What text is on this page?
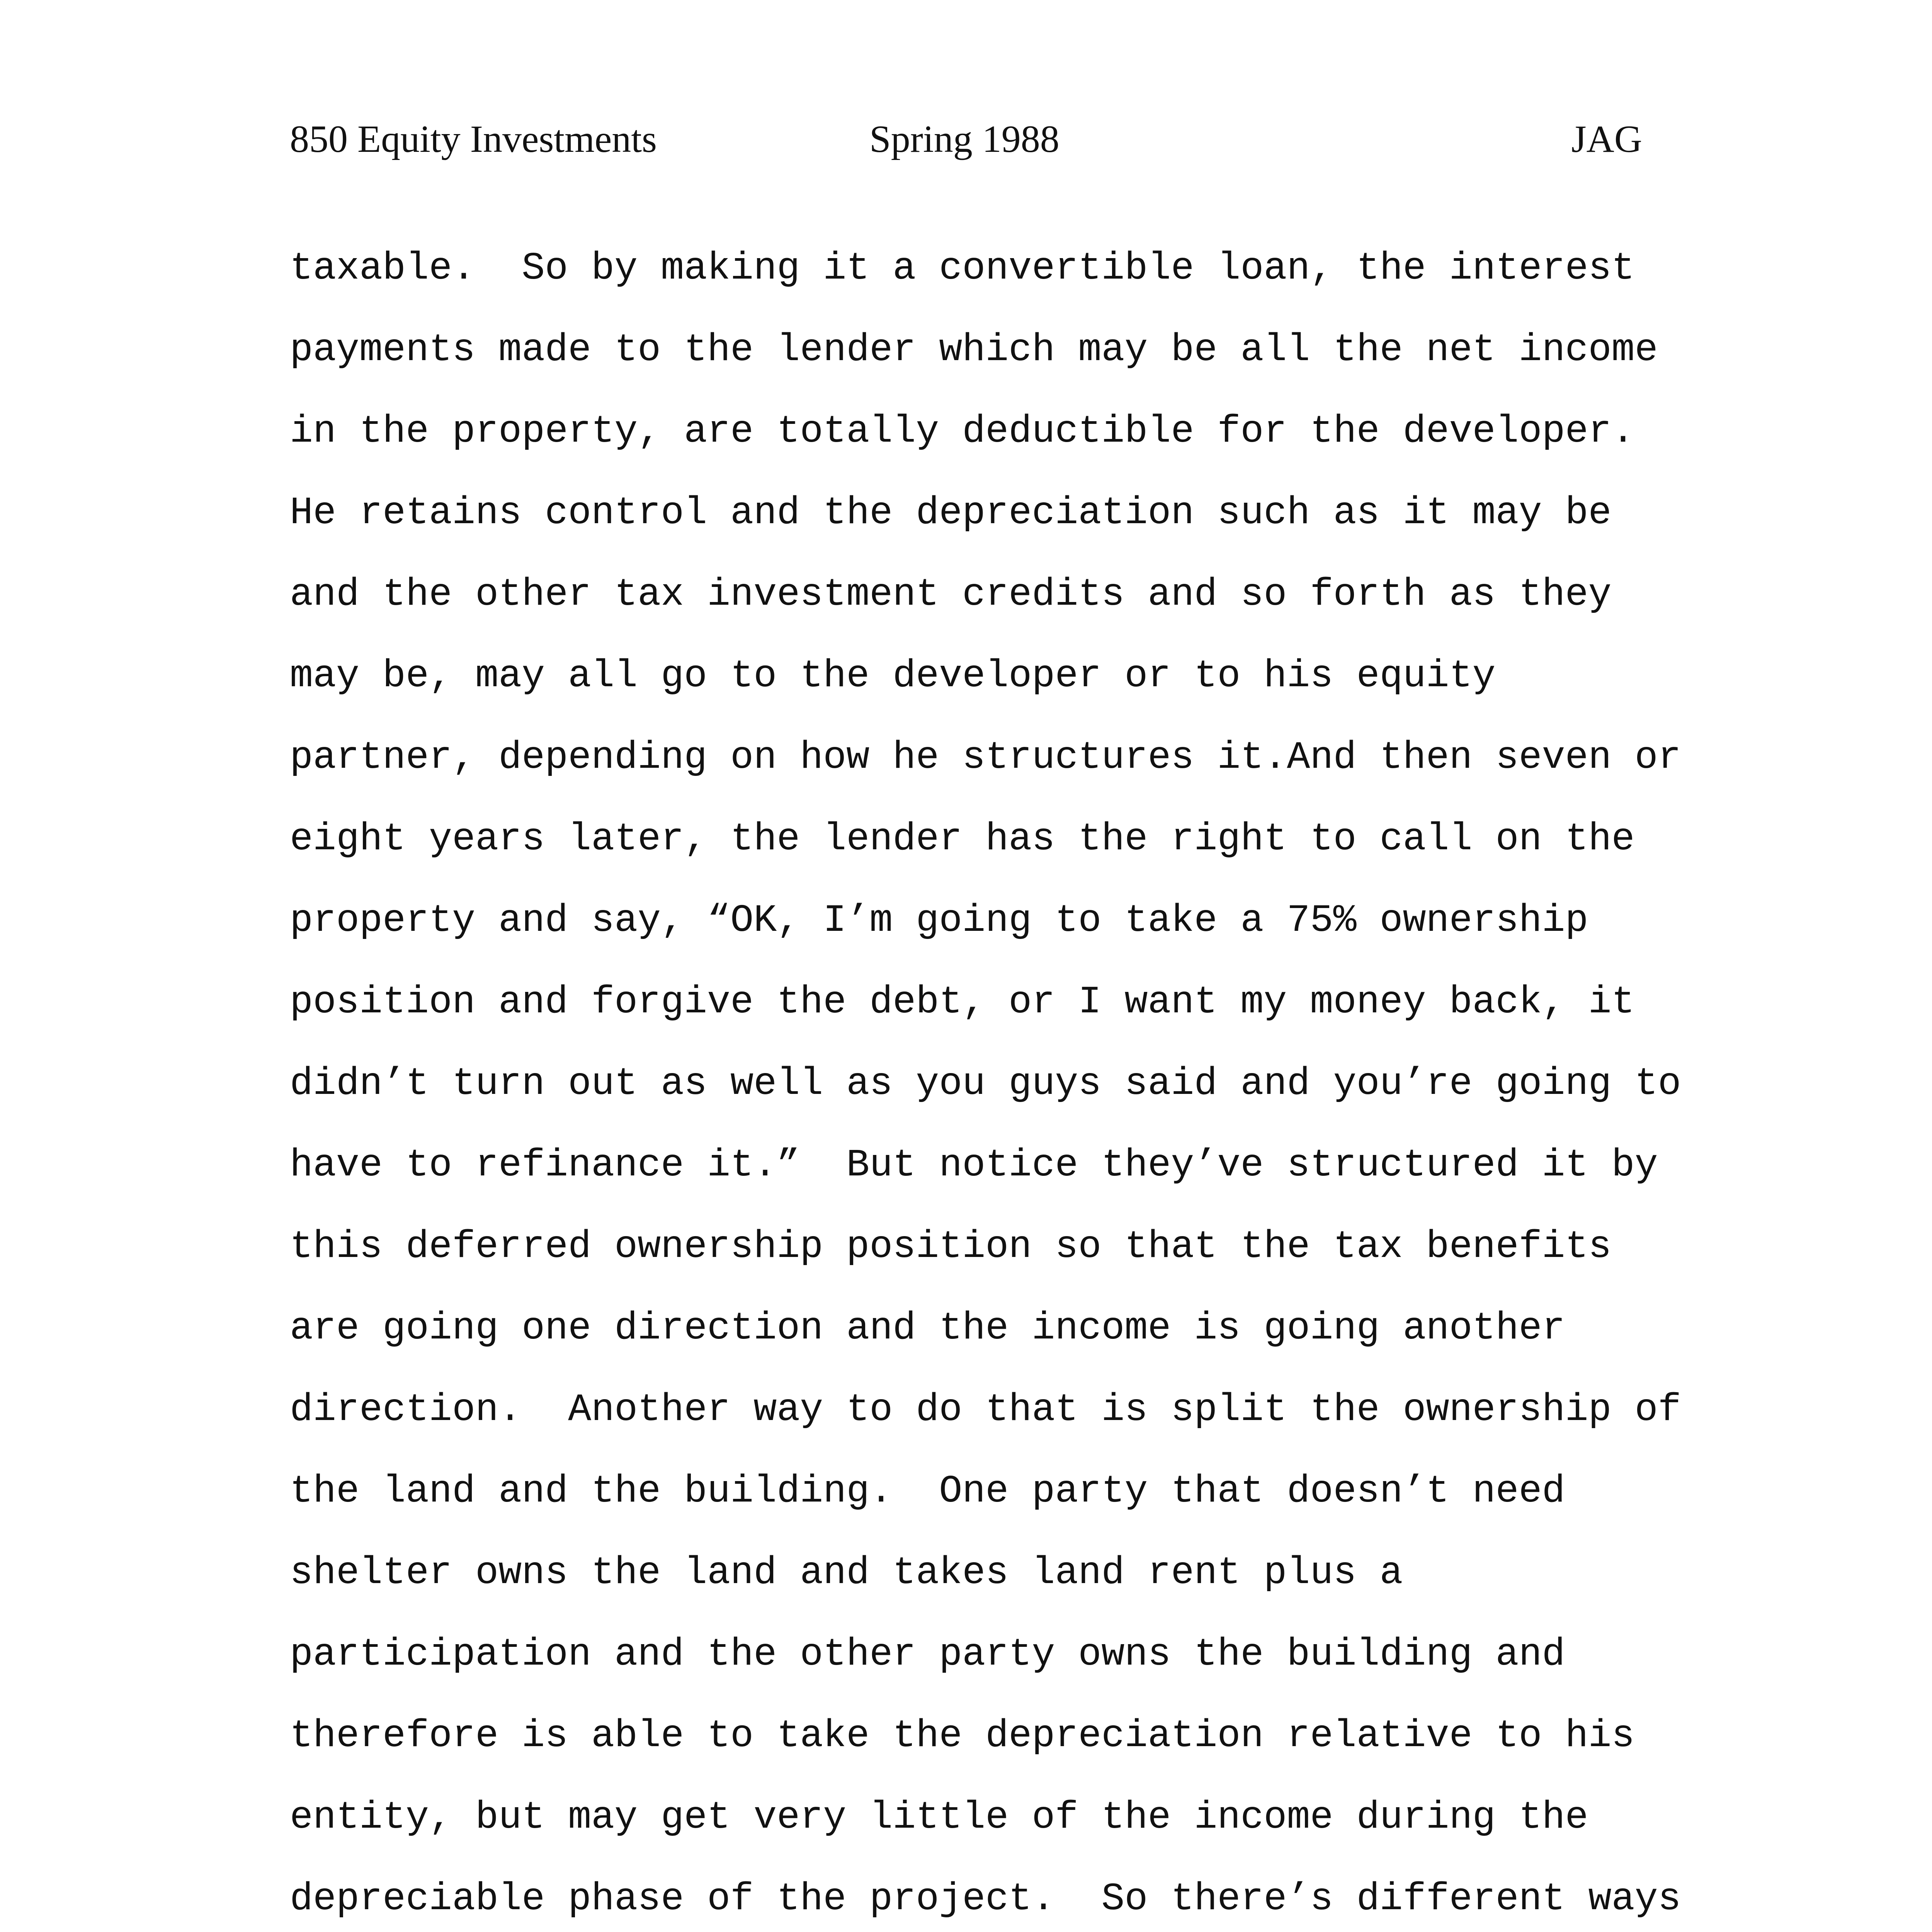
850 Equity Investments	Spring 1988	JAG
taxable.  So by making it a convertible loan, the interest
payments made to the lender which may be all the net income
in the property, are totally deductible for the developer.
He retains control and the depreciation such as it may be
and the other tax investment credits and so forth as they
may be, may all go to the developer or to his equity
partner, depending on how he structures it.And then seven or
eight years later, the lender has the right to call on the
property and say, “OK, I’m going to take a 75% ownership
position and forgive the debt, or I want my money back, it
didn’t turn out as well as you guys said and you’re going to
have to refinance it.”  But notice they’ve structured it by
this deferred ownership position so that the tax benefits
are going one direction and the income is going another
direction.  Another way to do that is split the ownership of
the land and the building.  One party that doesn’t need
shelter owns the land and takes land rent plus a
participation and the other party owns the building and
therefore is able to take the depreciation relative to his
entity, but may get very little of the income during the
depreciable phase of the project.  So there’s different ways
